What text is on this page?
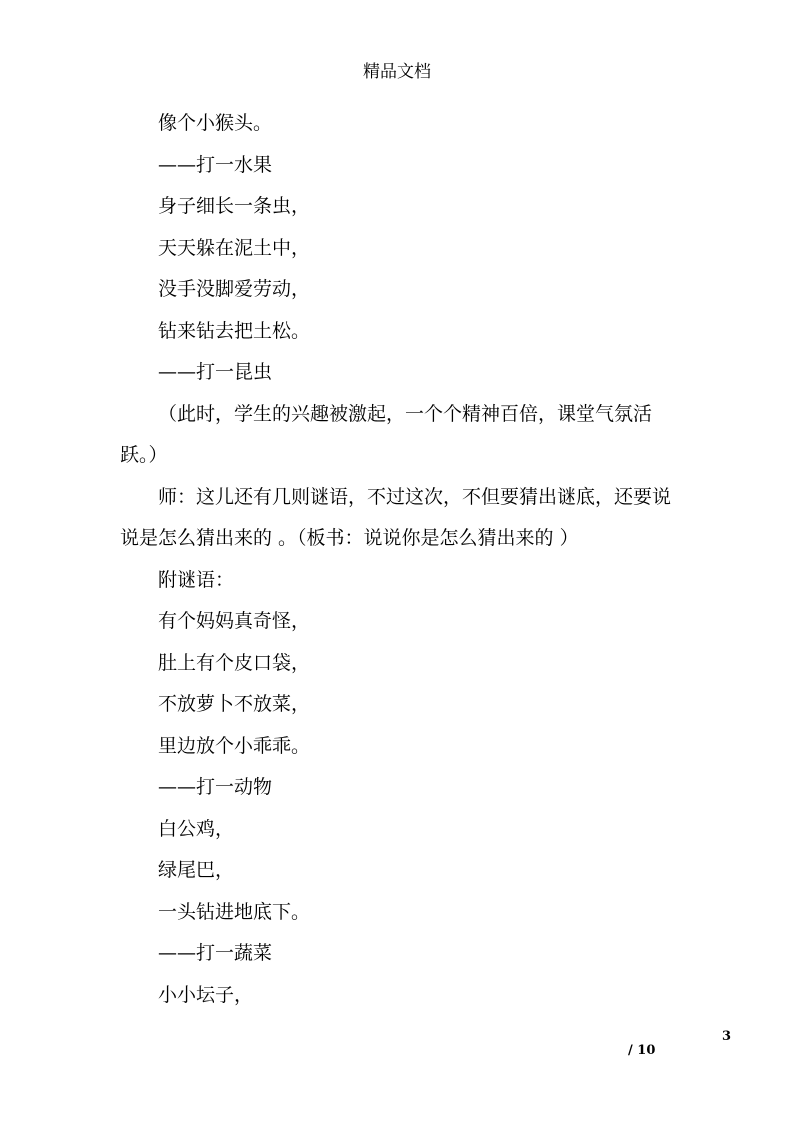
精品文档

像个小猴头。

——打一水果

身子细长一条虫，

天天躲在泥土中，

没手没脚爱劳动，

钻来钻去把土松。

——打一昆虫

（此时，学生的兴趣被激起，一个个精神百倍，课堂气氛活跃。）

师：这儿还有几则谜语，不过这次，不但要猜出谜底，还要说说是怎么猜出来的 。（板书：说说你是怎么猜出来的 ）

附谜语：

有个妈妈真奇怪，

肚上有个皮口袋，

不放萝卜不放菜，

里边放个小乖乖。

——打一动物

白公鸡，

绿尾巴，

一头钻进地底下。

——打一蔬菜

小小坛子，

3
/ 10
